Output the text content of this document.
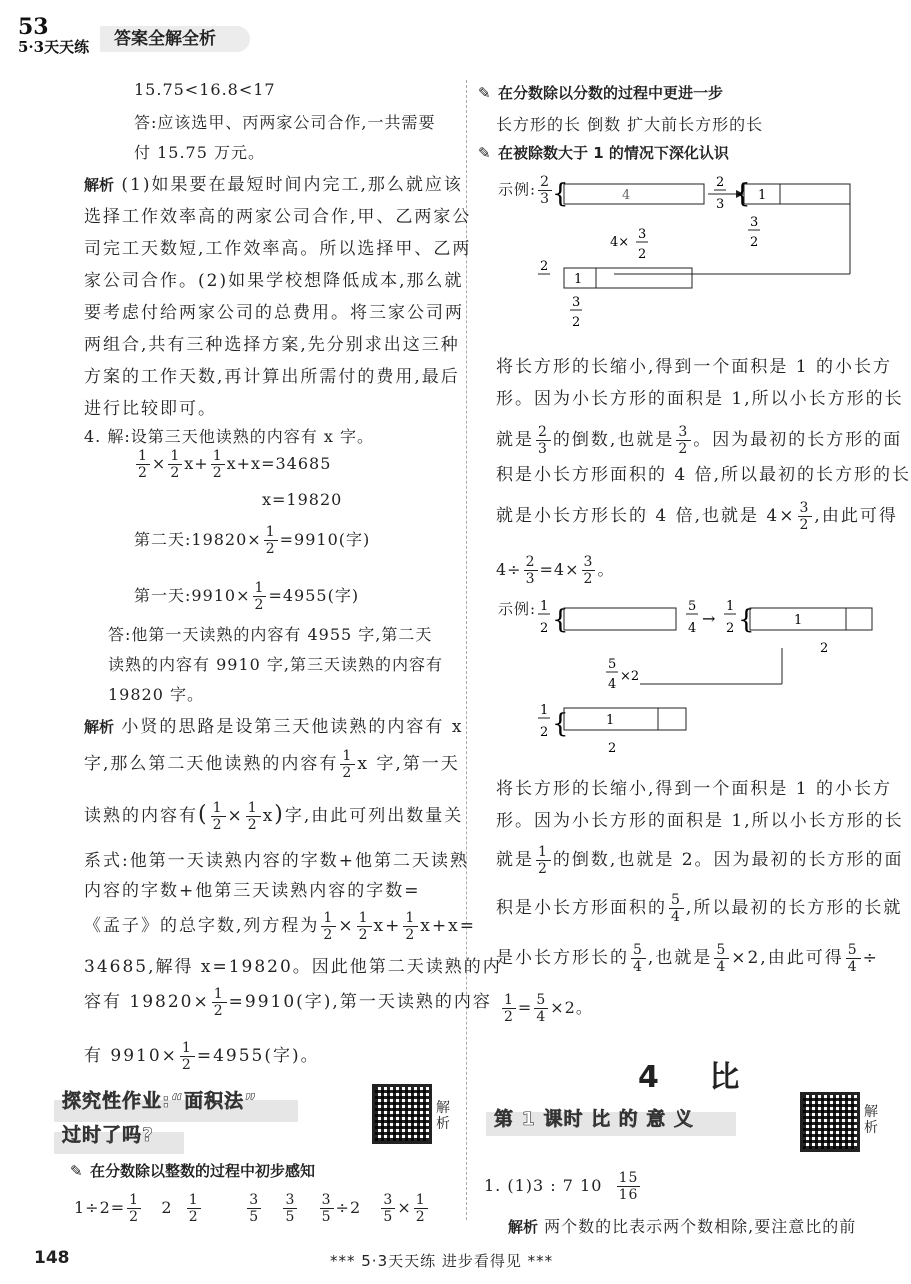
53
5·3天天练	答案全解全析
15.75<16.8<17
答:应该选甲、丙两家公司合作,一共需要
付 15.75 万元。
解析 (1)如果要在最短时间内完工,那么就应该
选择工作效率高的两家公司合作,甲、乙两家公
司完工天数短,工作效率高。所以选择甲、乙两
家公司合作。(2)如果学校想降低成本,那么就
要考虑付给两家公司的总费用。将三家公司两
两组合,共有三种选择方案,先分别求出这三种
方案的工作天数,再计算出所需付的费用,最后
进行比较即可。
4. 解:设第三天他读熟的内容有 x 字。
$\frac{1}{2} \times \frac{1}{2} x+ \frac{1}{2} x+x=34685$
x=19820
第二天:19820× $\frac{1}{2} =9910$(字)
第一天:9910× $\frac{1}{2} =4955$(字)
答:他第一天读熟的内容有 4955 字,第二天
读熟的内容有 9910 字,第三天读熟的内容有
19820 字。
解析 小贤的思路是设第三天他读熟的内容有 x
字,那么第二天他读熟的内容有 $\frac{1}{2}$ x 字,第一天
读熟的内容有( $\frac{1}{2} \times \frac{1}{2} x$)字,由此可列出数量关
系式:他第一天读熟内容的字数+他第二天读熟
内容的字数+他第三天读熟内容的字数=
《孟子》的总字数,列方程为 $\frac{1}{2} \times \frac{1}{2} x+ \frac{1}{2} x+x=$
34685,解得 x=19820。因此他第二天读熟的内
容有 $19820\times \frac{1}{2} =9910$(字),第一天读熟的内容
有 $9910\times \frac{1}{2} =4955$(字)。
探究性作业:“面积法”
过时了吗?
解析
✎ 在分数除以整数的过程中初步感知
$1\div 2= \frac{1}{2} 2 \frac{1}{2}$
	$\frac{3}{5}$
$\frac{3}{5}$
$\frac{3}{5} \div 2 \frac{3}{5} \times \frac{1}{2}$
✎ 在分数除以分数的过程中更进一步
长方形的长 倒数 扩大前长方形的长
✎ 在被除数大于 1 的情况下深化认识
示例: $\frac{2}{3}$ {	4
2
3 { 1
3
2
4×
3
2
2
1
3
2
将长方形的长缩小,得到一个面积是 1 的小长方
形。因为小长方形的面积是 1,所以小长方形的长
就是 $\frac{2}{3}$ 的倒数,也就是 $\frac{3}{2}$ 。因为最初的长方形的面
积是小长方形面积的 4 倍,所以最初的长方形的长
就是小长方形长的 4 倍,也就是 $4\times \frac{3}{2}$ ,由此可得
$4\div \frac{2}{3} =4\times \frac{3}{2}$ 。
示例: 1
2 {	5
4
→
1
2 {	1
2
5
4
×2
1
2 {	1
2
将长方形的长缩小,得到一个面积是 1 的小长方
形。因为小长方形的面积是 1,所以小长方形的长
就是 $\frac{1}{2}$ 的倒数,也就是 2。因为最初的长方形的面
积是小长方形面积的 $\frac{5}{4}$ ,所以最初的长方形的长就
是小长方形长的 $\frac{5}{4}$ ,也就是 $\frac{5}{4} \times 2$,由此可得 $\frac{5}{4}$ ÷
$\frac{1}{2} = \frac{5}{4} \times 2$。
4 比
第 1 课时 比 的 意 义	解析
1. (1)3 : 7 $10 \frac{15}{16}$
解析 两个数的比表示两个数相除,要注意比的前
148	*** 5·3天天练 进步看得见 ***
